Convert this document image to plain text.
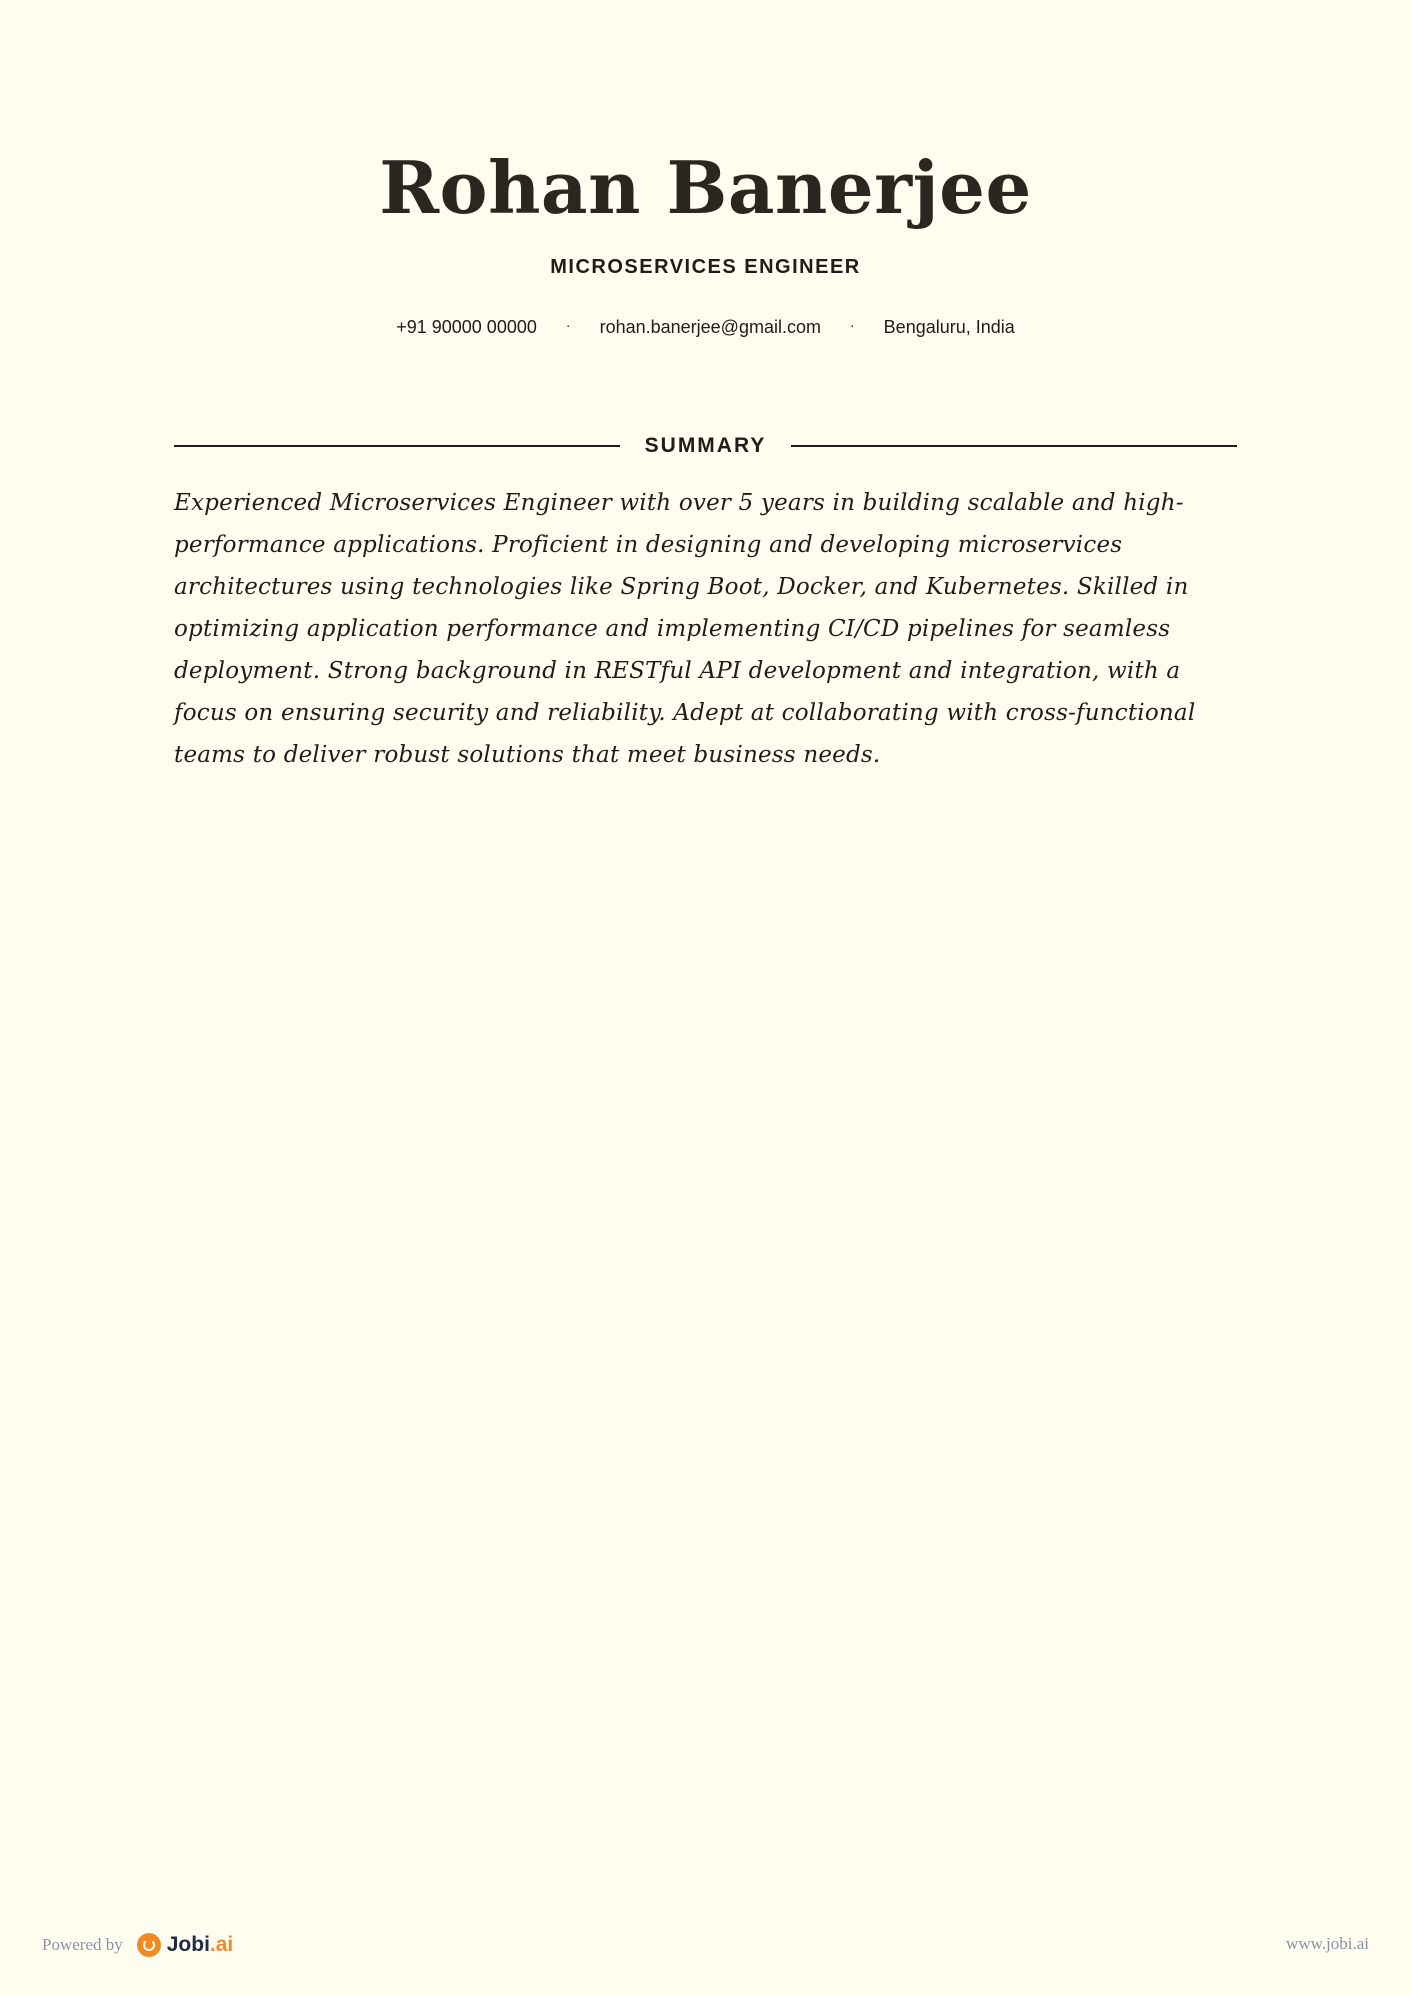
Rohan Banerjee
MICROSERVICES ENGINEER
+91 90000 00000 · rohan.banerjee@gmail.com · Bengaluru, India
SUMMARY

Experienced Microservices Engineer with over 5 years in building scalable and high-performance applications. Proficient in designing and developing microservices architectures using technologies like Spring Boot, Docker, and Kubernetes. Skilled in optimizing application performance and implementing CI/CD pipelines for seamless deployment. Strong background in RESTful API development and integration, with a focus on ensuring security and reliability. Adept at collaborating with cross-functional teams to deliver robust solutions that meet business needs.

Powered by Jobi.ai	www.jobi.ai
